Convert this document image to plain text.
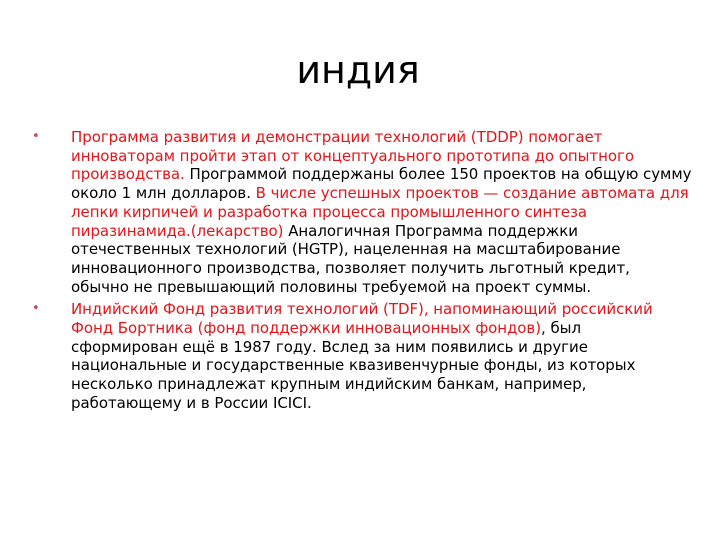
индия
• Программа развития и демонстрации технологий (TDDP) помогает инноваторам пройти этап от концептуального прототипа до опытного производства. Программой поддержаны более 150 проектов на общую сумму около 1 млн долларов. В числе успешных проектов — создание автомата для лепки кирпичей и разработка процесса промышленного синтеза пиразинамида.(лекарство) Аналогичная Программа поддержки отечественных технологий (HGTP), нацеленная на масштабирование инновационного производства, позволяет получить льготный кредит, обычно не превышающий половины требуемой на проект суммы.
• Индийский Фонд развития технологий (TDF), напоминающий российский Фонд Бортника (фонд поддержки инновационных фондов), был сформирован ещё в 1987 году. Вслед за ним появились и другие национальные и государственные квазивенчурные фонды, из которых несколько принадлежат крупным индийским банкам, например, работающему и в России ICICI.
